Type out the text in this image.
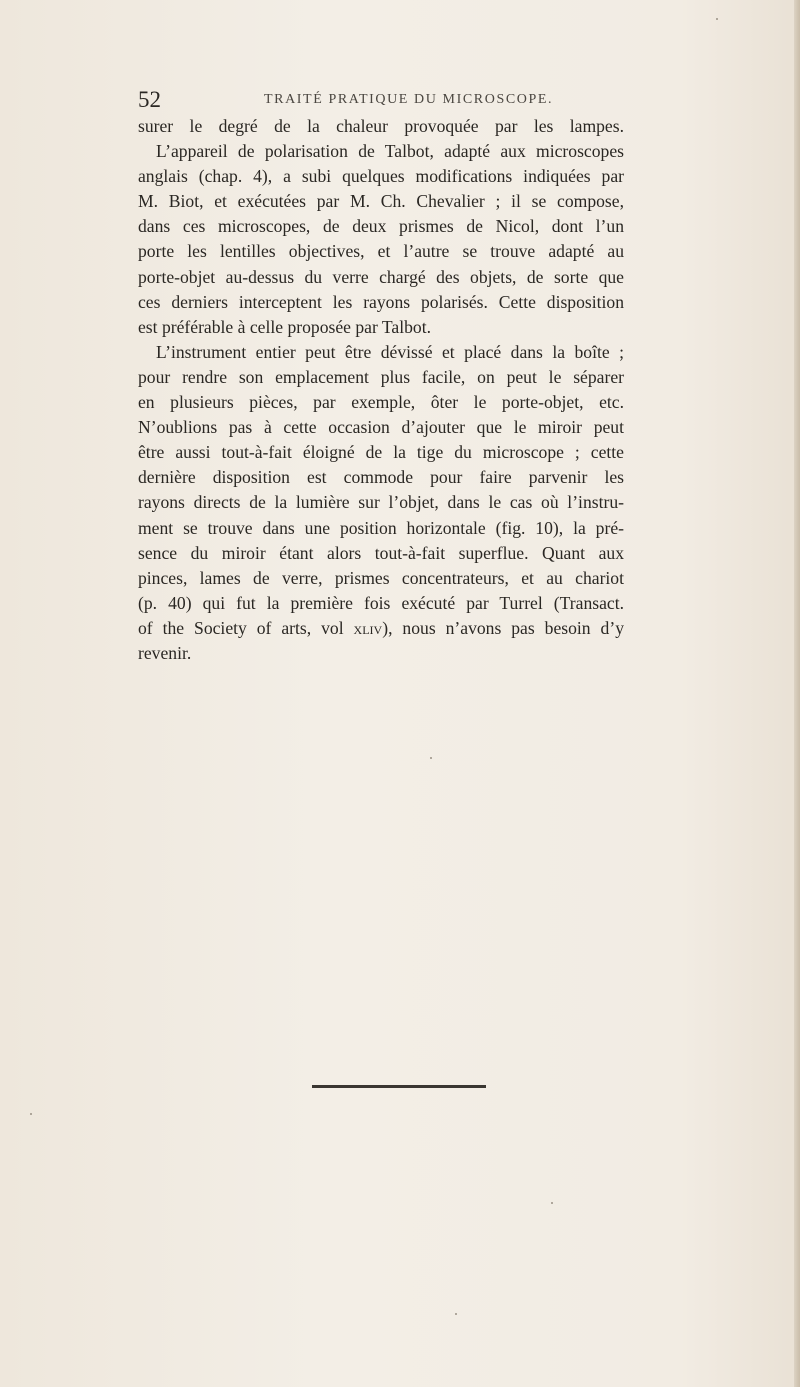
52	TRAITÉ PRATIQUE DU MICROSCOPE.
surer le degré de la chaleur provoquée par les lampes.
L’appareil de polarisation de Talbot, adapté aux microscopes
anglais (chap. 4), a subi quelques modifications indiquées par
M. Biot, et exécutées par M. Ch. Chevalier ; il se compose,
dans ces microscopes, de deux prismes de Nicol, dont l’un
porte les lentilles objectives, et l’autre se trouve adapté au
porte-objet au-dessus du verre chargé des objets, de sorte que
ces derniers interceptent les rayons polarisés. Cette disposition
est préférable à celle proposée par Talbot.
L’instrument entier peut être dévissé et placé dans la boîte ;
pour rendre son emplacement plus facile, on peut le séparer
en plusieurs pièces, par exemple, ôter le porte-objet, etc.
N’oublions pas à cette occasion d’ajouter que le miroir peut
être aussi tout-à-fait éloigné de la tige du microscope ; cette
dernière disposition est commode pour faire parvenir les
rayons directs de la lumière sur l’objet, dans le cas où l’instru-
ment se trouve dans une position horizontale (fig. 10), la pré-
sence du miroir étant alors tout-à-fait superflue. Quant aux
pinces, lames de verre, prismes concentrateurs, et au chariot
(p. 40) qui fut la première fois exécuté par Turrel (Transact.
of the Society of arts, vol xliv), nous n’avons pas besoin d’y
revenir.
